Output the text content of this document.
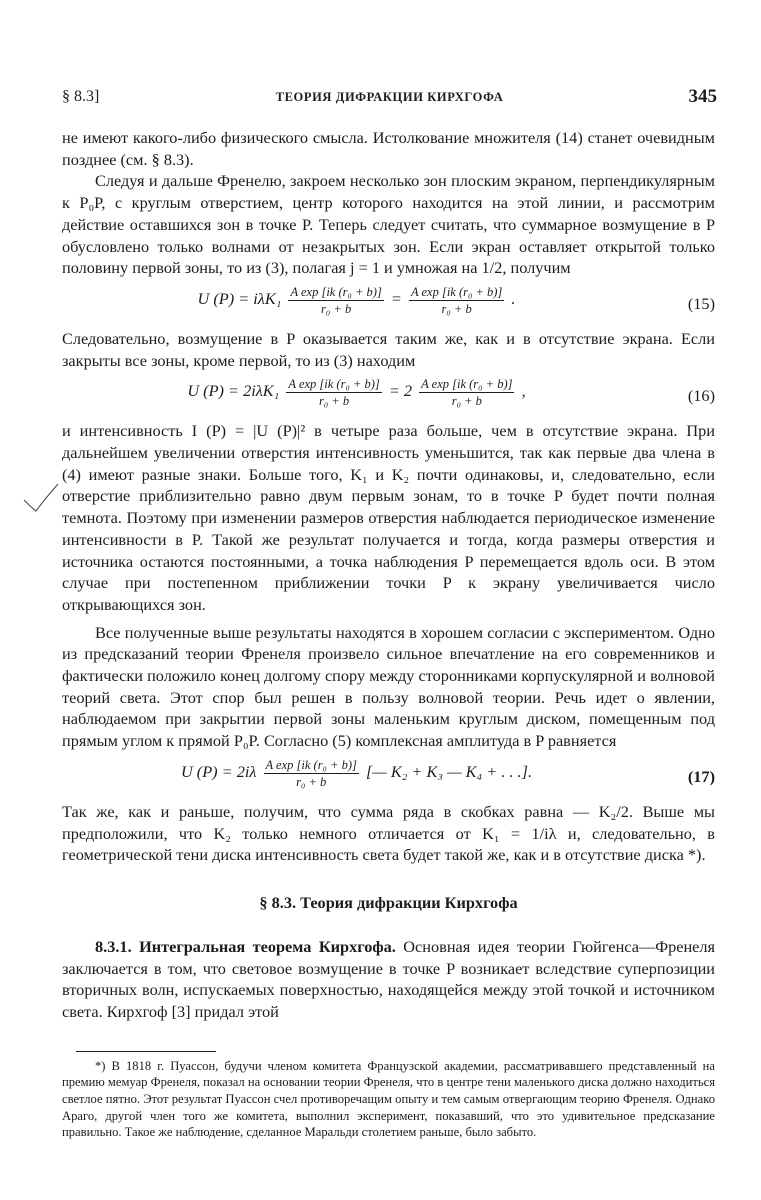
§ 8.3]	ТЕОРИЯ ДИФРАКЦИИ КИРХГОФА	345

не имеют какого-либо физического смысла. Истолкование множителя (14) станет очевидным позднее (см. § 8.3).

Следуя и дальше Френелю, закроем несколько зон плоским экраном, перпендикулярным к P₀P, с круглым отверстием, центр которого находится на этой линии, и рассмотрим действие оставшихся зон в точке P. Теперь следует считать, что суммарное возмущение в P обусловлено только волнами от незакрытых зон. Если экран оставляет открытой только половину первой зоны, то из (3), полагая j = 1 и умножая на 1/2, получим

U $(P) = i\lambda K_1 \frac{\text{A exp [ik (r₀ + b)]}}{\text{r₀ + b}} = \frac{\text{A exp [ik (r₀ + b)]}}{\text{r₀ + b}}$ .	(15)

Следовательно, возмущение в P оказывается таким же, как и в отсутствие экрана. Если закрыты все зоны, кроме первой, то из (3) находим

U $(P) = 2i\lambda K_1 \frac{\text{A exp [ik (r₀ + b)]}}{\text{r₀ + b}} = 2 \frac{\text{A exp [ik (r₀ + b)]}}{\text{r₀ + b}}$ ,	(16)

и интенсивность I (P) = |U (P)|² в четыре раза больше, чем в отсутствие экрана. При дальнейшем увеличении отверстия интенсивность уменьшится, так как первые два члена в (4) имеют разные знаки. Больше того, K₁ и K₂ почти одинаковы, и, следовательно, если отверстие приблизительно равно двум первым зонам, то в точке P будет почти полная темнота. Поэтому при изменении размеров отверстия наблюдается периодическое изменение интенсивности в P. Такой же результат получается и тогда, когда размеры отверстия и источника остаются постоянными, а точка наблюдения P перемещается вдоль оси. В этом случае при постепенном приближении точки P к экрану увеличивается число открывающихся зон.

Все полученные выше результаты находятся в хорошем согласии с экспериментом. Одно из предсказаний теории Френеля произвело сильное впечатление на его современников и фактически положило конец долгому спору между сторонниками корпускулярной и волновой теорий света. Этот спор был решен в пользу волновой теории. Речь идет о явлении, наблюдаемом при закрытии первой зоны маленьким круглым диском, помещенным под прямым углом к прямой P₀P. Согласно (5) комплексная амплитуда в P равняется

U $(P) = 2i\lambda \frac{\text{A exp [ik (r₀ + b)]}}{\text{r₀ + b}}$ [— K₂ + K₃ — K₄ + . . .].	(17)

Так же, как и раньше, получим, что сумма ряда в скобках равна — K₂/2. Выше мы предположили, что K₂ только немного отличается от K₁ = 1/iλ и, следовательно, в геометрической тени диска интенсивность света будет такой же, как и в отсутствие диска *).

§ 8.3. Теория дифракции Кирхгофа

8.3.1. Интегральная теорема Кирхгофа. Основная идея теории Гюйгенса—Френеля заключается в том, что световое возмущение в точке P возникает вследствие суперпозиции вторичных волн, испускаемых поверхностью, находящейся между этой точкой и источником света. Кирхгоф [3] придал этой

*) В 1818 г. Пуассон, будучи членом комитета Французской академии, рассматривавшего представленный на премию мемуар Френеля, показал на основании теории Френеля, что в центре тени маленького диска должно находиться светлое пятно. Этот результат Пуассон счел противоречащим опыту и тем самым отвергающим теорию Френеля. Однако Араго, другой член того же комитета, выполнил эксперимент, показавший, что это удивительное предсказание правильно. Такое же наблюдение, сделанное Маральди столетием раньше, было забыто.
